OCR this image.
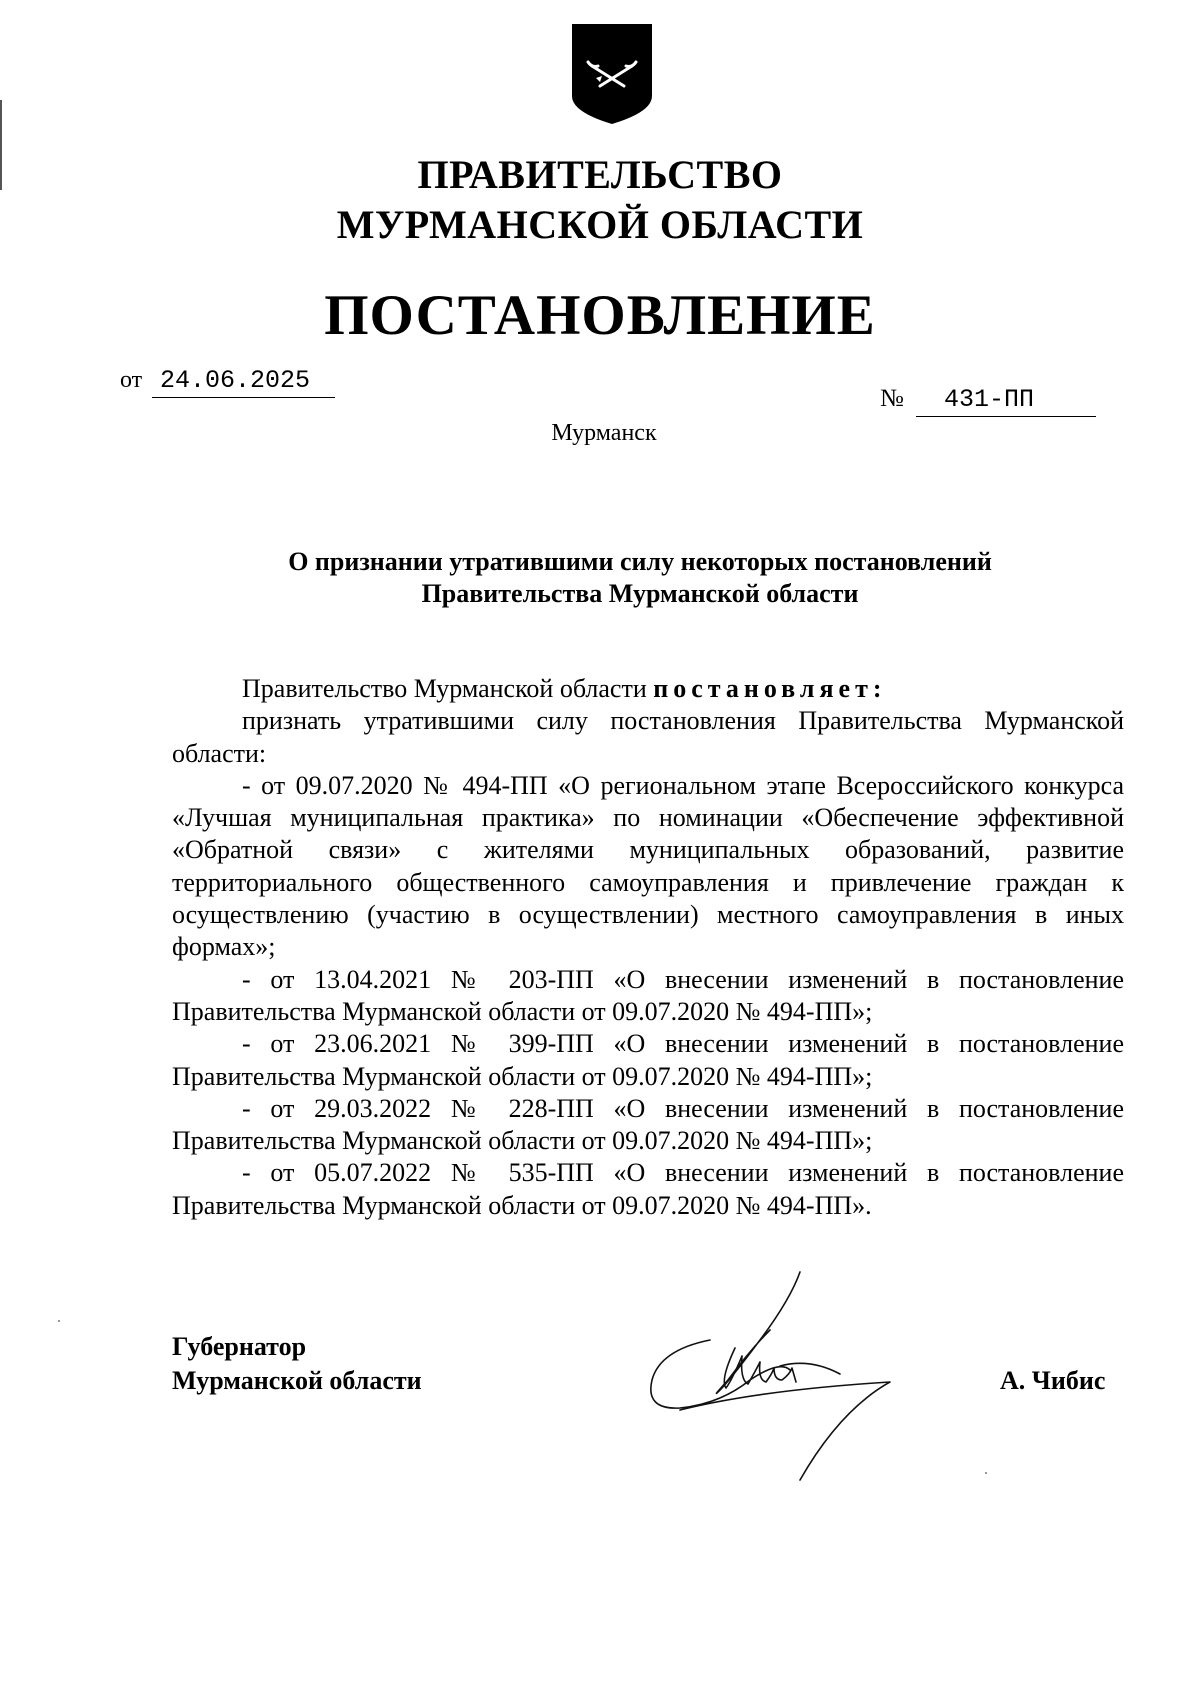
ПРАВИТЕЛЬСТВО
МУРМАНСКОЙ ОБЛАСТИ
ПОСТАНОВЛЕНИЕ
от 24.06.2025
№	431-ПП
Мурманск
О признании утратившими силу некоторых постановлений
Правительства Мурманской области

Правительство Мурманской области постановляет:

признать утратившими силу постановления Правительства Мурманской области:

- от 09.07.2020 № 494-ПП «О региональном этапе Всероссийского конкурса «Лучшая муниципальная практика» по номинации «Обеспечение эффективной «Обратной связи» с жителями муниципальных образований, развитие территориального общественного самоуправления и привлечение граждан к осуществлению (участию в осуществлении) местного самоуправления в иных формах»;

- от 13.04.2021 № 203-ПП «О внесении изменений в постановление Правительства Мурманской области от 09.07.2020 № 494-ПП»;

- от 23.06.2021 № 399-ПП «О внесении изменений в постановление Правительства Мурманской области от 09.07.2020 № 494-ПП»;

- от 29.03.2022 № 228-ПП «О внесении изменений в постановление Правительства Мурманской области от 09.07.2020 № 494-ПП»;

- от 05.07.2022 № 535-ПП «О внесении изменений в постановление Правительства Мурманской области от 09.07.2020 № 494-ПП».

Губернатор
Мурманской области	А. Чибис
